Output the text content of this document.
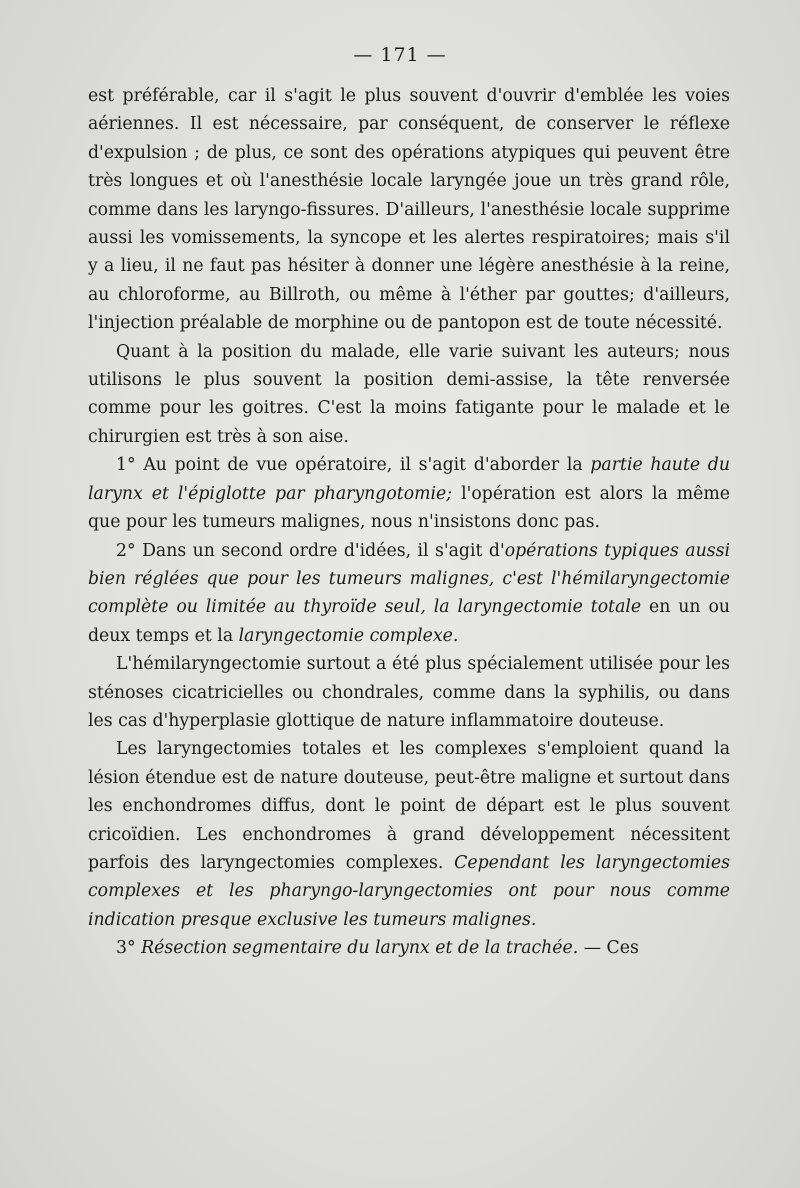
— 171 —

est préférable, car il s'agit le plus souvent d'ouvrir d'emblée les voies aériennes. Il est nécessaire, par conséquent, de conserver le réflexe d'expulsion ; de plus, ce sont des opérations atypiques qui peuvent être très longues et où l'anesthésie locale laryngée joue un très grand rôle, comme dans les laryngo-fissures. D'ailleurs, l'anesthésie locale supprime aussi les vomissements, la syncope et les alertes respiratoires; mais s'il y a lieu, il ne faut pas hésiter à donner une légère anesthésie à la reine, au chloroforme, au Billroth, ou même à l'éther par gouttes; d'ailleurs, l'injection préalable de morphine ou de pantopon est de toute nécessité.

Quant à la position du malade, elle varie suivant les auteurs; nous utilisons le plus souvent la position demi-assise, la tête renversée comme pour les goitres. C'est la moins fatigante pour le malade et le chirurgien est très à son aise.

1° Au point de vue opératoire, il s'agit d'aborder la partie haute du larynx et l'épiglotte par pharyngotomie; l'opération est alors la même que pour les tumeurs malignes, nous n'insistons donc pas.

2° Dans un second ordre d'idées, il s'agit d'opérations typiques aussi bien réglées que pour les tumeurs malignes, c'est l'hémilaryngectomie complète ou limitée au thyroïde seul, la laryngectomie totale en un ou deux temps et la laryngectomie complexe.

L'hémilaryngectomie surtout a été plus spécialement utilisée pour les sténoses cicatricielles ou chondrales, comme dans la syphilis, ou dans les cas d'hyperplasie glottique de nature inflammatoire douteuse.

Les laryngectomies totales et les complexes s'emploient quand la lésion étendue est de nature douteuse, peut-être maligne et surtout dans les enchondromes diffus, dont le point de départ est le plus souvent cricoïdien. Les enchondromes à grand développement nécessitent parfois des laryngectomies complexes. Cependant les laryngectomies complexes et les pharyngo-laryngectomies ont pour nous comme indication presque exclusive les tumeurs malignes.

3° Résection segmentaire du larynx et de la trachée. — Ces
